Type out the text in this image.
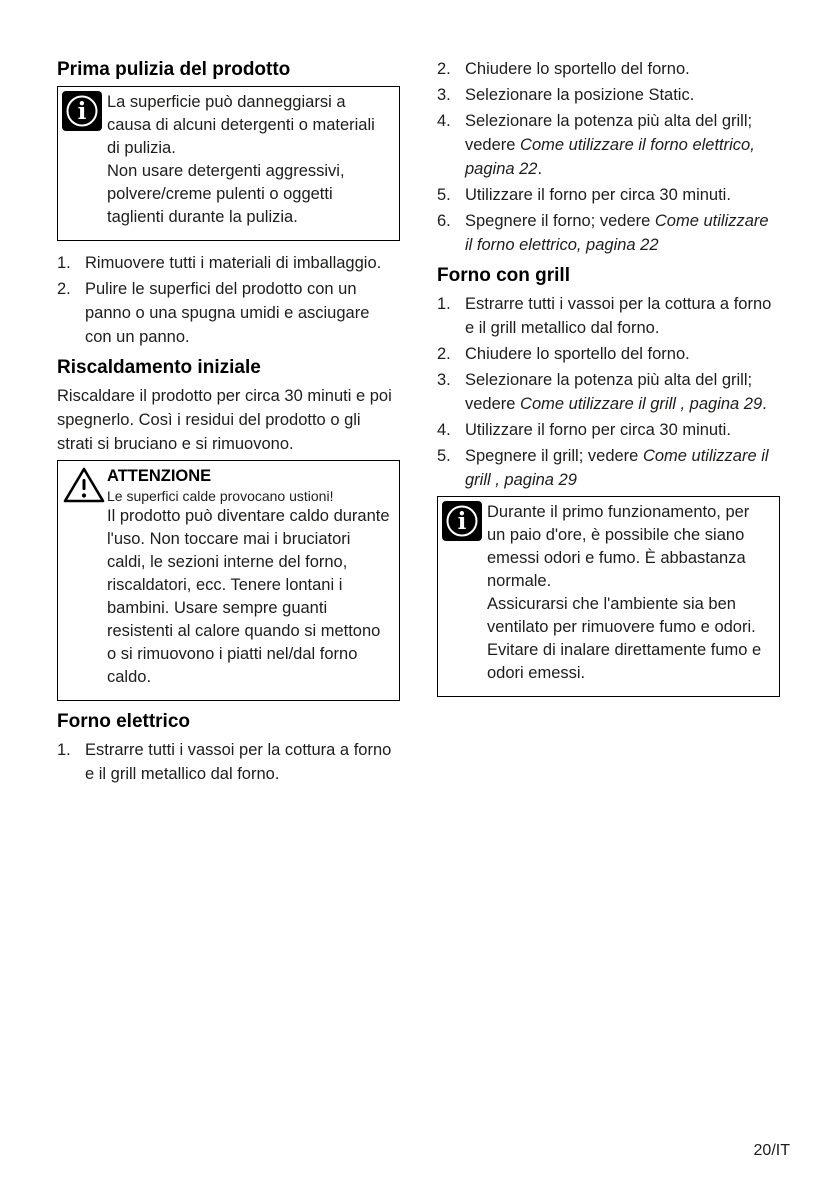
Prima pulizia del prodotto
i La superficie può danneggiarsi a causa di alcuni detergenti o materiali di pulizia.

Non usare detergenti aggressivi, polvere/creme pulenti o oggetti taglienti durante la pulizia.

1. Rimuovere tutti i materiali di imballaggio.
2. Pulire le superfici del prodotto con un panno o una spugna umidi e asciugare con un panno.
Riscaldamento iniziale

Riscaldare il prodotto per circa 30 minuti e poi spegnerlo. Così i residui del prodotto o gli strati si bruciano e si rimuovono.

ATTENZIONE

Le superfici calde provocano ustioni!

Il prodotto può diventare caldo durante l'uso. Non toccare mai i bruciatori caldi, le sezioni interne del forno, riscaldatori, ecc. Tenere lontani i bambini. Usare sempre guanti resistenti al calore quando si mettono o si rimuovono i piatti nel/dal forno caldo.

Forno elettrico
1. Estrarre tutti i vassoi per la cottura a forno e il grill metallico dal forno.
2. Chiudere lo sportello del forno.
3. Selezionare la posizione Static.
4. Selezionare la potenza più alta del grill; vedere Come utilizzare il forno elettrico, pagina 22.
5. Utilizzare il forno per circa 30 minuti.
6. Spegnere il forno; vedere Come utilizzare il forno elettrico, pagina 22
Forno con grill
1. Estrarre tutti i vassoi per la cottura a forno e il grill metallico dal forno.
2. Chiudere lo sportello del forno.
3. Selezionare la potenza più alta del grill; vedere Come utilizzare il grill , pagina 29.
4. Utilizzare il forno per circa 30 minuti.
5. Spegnere il grill; vedere Come utilizzare il grill , pagina 29
i Durante il primo funzionamento, per un paio d'ore, è possibile che siano emessi odori e fumo. È abbastanza normale.

Assicurarsi che l'ambiente sia ben ventilato per rimuovere fumo e odori. Evitare di inalare direttamente fumo e odori emessi.

20/IT
